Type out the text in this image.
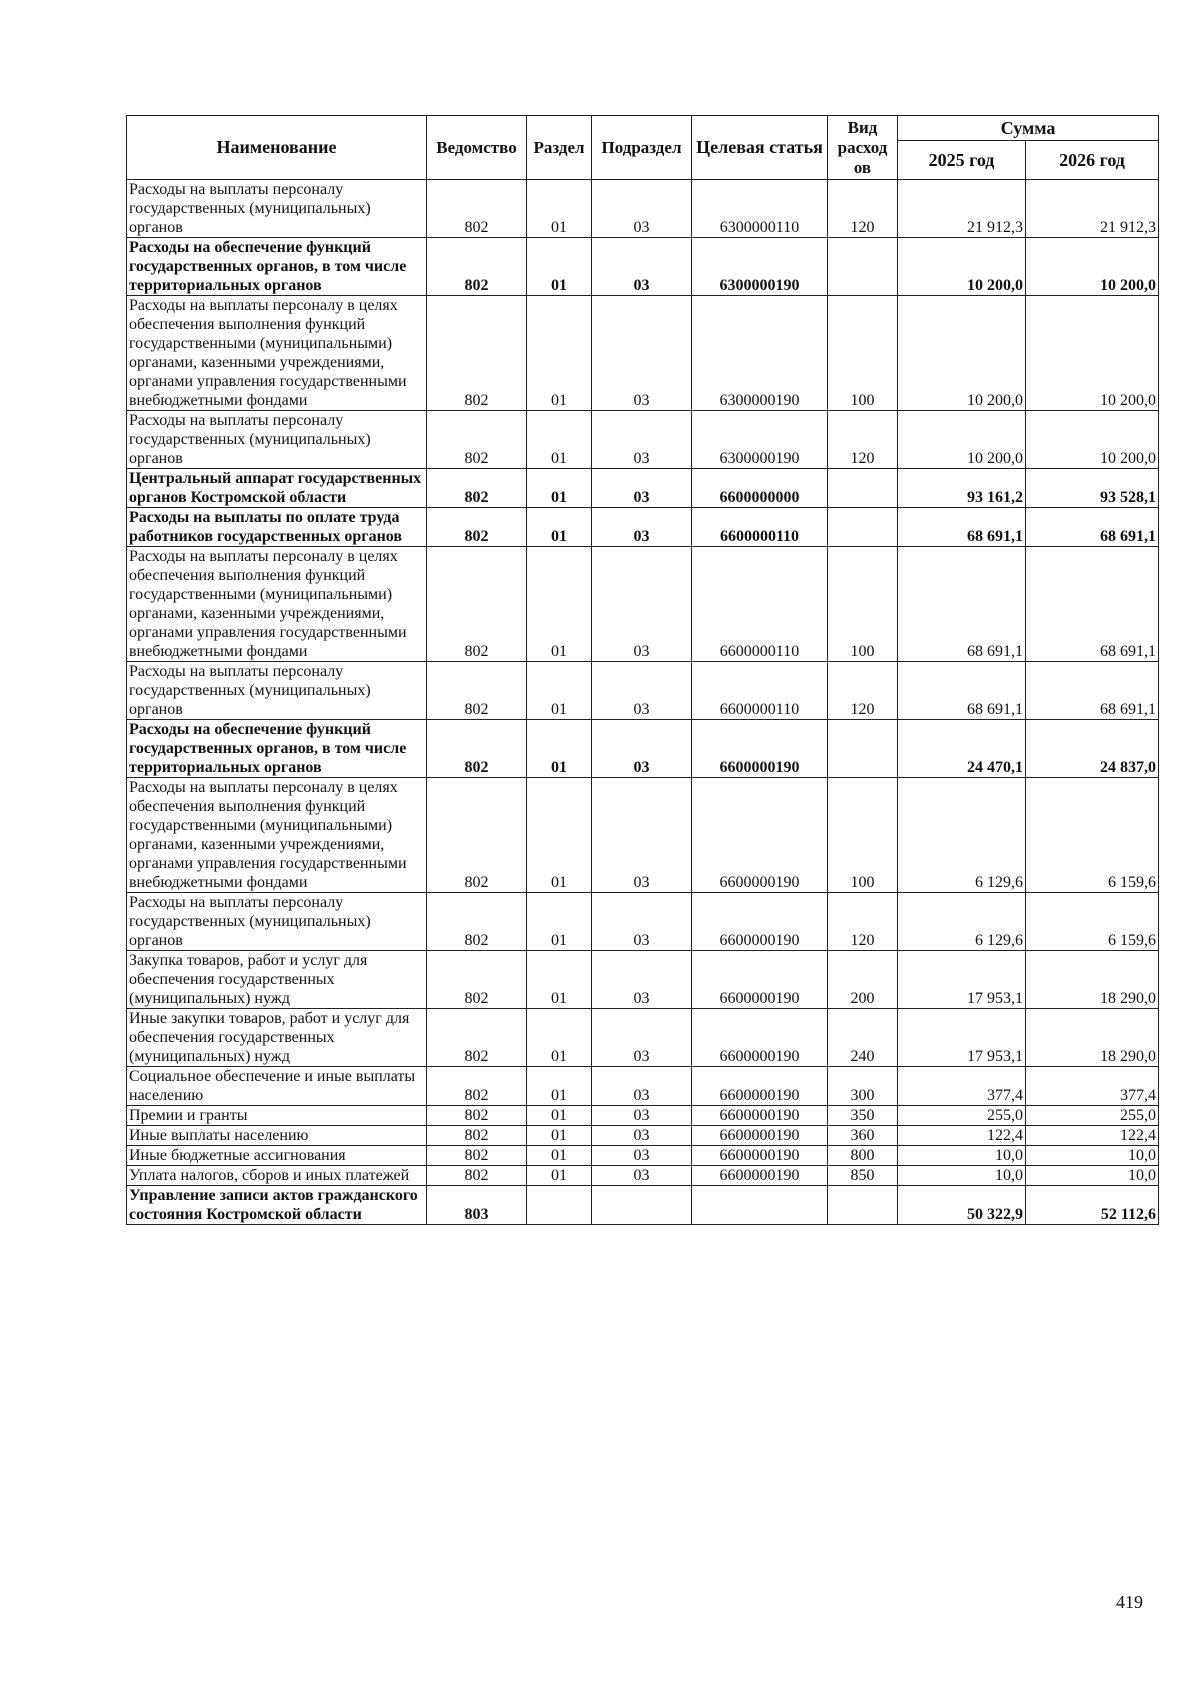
Наименование	Ведомство	Раздел	Подраздел	Целевая статья	Вид расход ов	Сумма	
						2025 год	2026 год
Расходы на выплаты персоналу государственных (муниципальных) органов	802	01	03	6300000110	120	21 912,3	21 912,3
Расходы на обеспечение функций государственных органов, в том числе территориальных органов	802	01	03	6300000190		10 200,0	10 200,0
Расходы на выплаты персоналу в целях обеспечения выполнения функций государственными (муниципальными) органами, казенными учреждениями, органами управления государственными внебюджетными фондами	802	01	03	6300000190	100	10 200,0	10 200,0
Расходы на выплаты персоналу государственных (муниципальных) органов	802	01	03	6300000190	120	10 200,0	10 200,0
Центральный аппарат государственных органов Костромской области	802	01	03	6600000000		93 161,2	93 528,1
Расходы на выплаты по оплате труда работников государственных органов	802	01	03	6600000110		68 691,1	68 691,1
Расходы на выплаты персоналу в целях обеспечения выполнения функций государственными (муниципальными) органами, казенными учреждениями, органами управления государственными внебюджетными фондами	802	01	03	6600000110	100	68 691,1	68 691,1
Расходы на выплаты персоналу государственных (муниципальных) органов	802	01	03	6600000110	120	68 691,1	68 691,1
Расходы на обеспечение функций государственных органов, в том числе территориальных органов	802	01	03	6600000190		24 470,1	24 837,0
Расходы на выплаты персоналу в целях обеспечения выполнения функций государственными (муниципальными) органами, казенными учреждениями, органами управления государственными внебюджетными фондами	802	01	03	6600000190	100	6 129,6	6 159,6
Расходы на выплаты персоналу государственных (муниципальных) органов	802	01	03	6600000190	120	6 129,6	6 159,6
Закупка товаров, работ и услуг для обеспечения государственных (муниципальных) нужд	802	01	03	6600000190	200	17 953,1	18 290,0
Иные закупки товаров, работ и услуг для обеспечения государственных (муниципальных) нужд	802	01	03	6600000190	240	17 953,1	18 290,0
Социальное обеспечение и иные выплаты населению	802	01	03	6600000190	300	377,4	377,4
Премии и гранты	802	01	03	6600000190	350	255,0	255,0
Иные выплаты населению	802	01	03	6600000190	360	122,4	122,4
Иные бюджетные ассигнования	802	01	03	6600000190	800	10,0	10,0
Уплата налогов, сборов и иных платежей	802	01	03	6600000190	850	10,0	10,0
Управление записи актов гражданского состояния Костромской области	803					50 322,9	52 112,6
419
